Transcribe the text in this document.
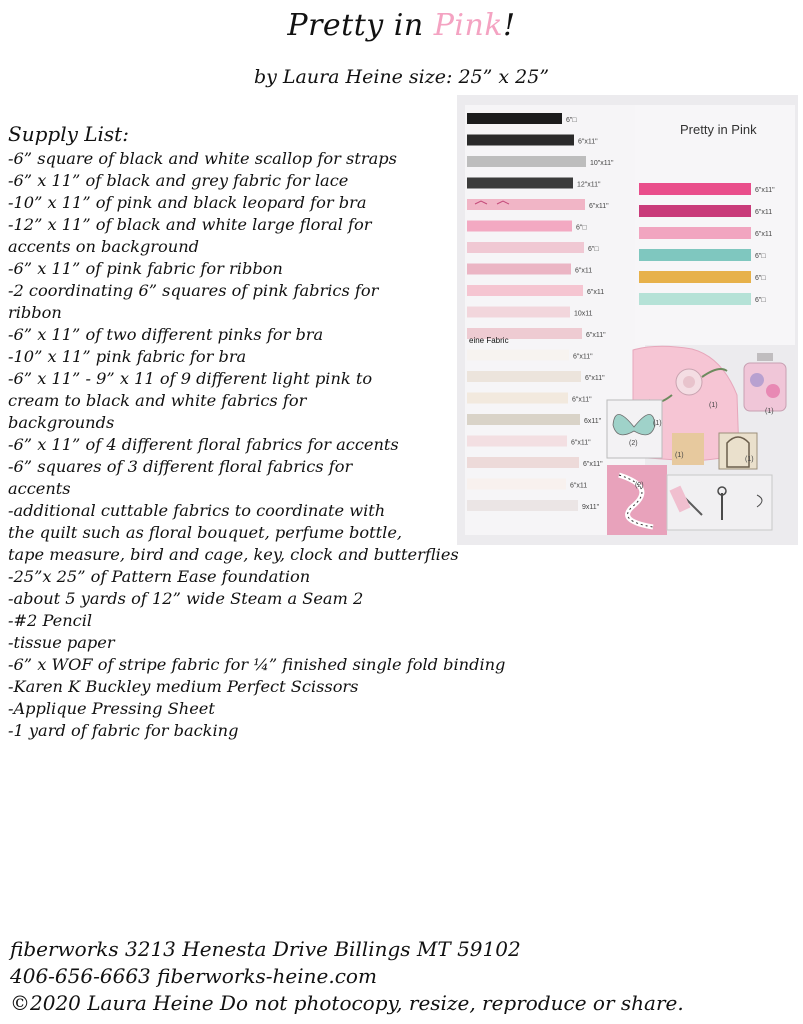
Pretty in Pink!
by Laura Heine size: 25” x 25”
Supply List:
-6” square of black and white scallop for straps
-6” x 11” of black and grey fabric for lace
-10” x 11” of pink and black leopard for bra
-12” x 11” of black and white large floral for
accents on background
-6” x 11” of pink fabric for ribbon
-2 coordinating 6” squares of pink fabrics for
ribbon
-6” x 11” of two different pinks for bra
-10” x 11” pink fabric for bra
-6” x 11” - 9” x 11 of 9 different light pink to
cream to black and white fabrics for
backgrounds
-6” x 11” of 4 different floral fabrics for accents
-6” squares of 3 different floral fabrics for
accents
-additional cuttable fabrics to coordinate with
the quilt such as floral bouquet, perfume bottle,
tape measure, bird and cage, key, clock and butterflies
-25”x 25” of Pattern Ease foundation
-about 5 yards of 12” wide Steam a Seam 2
-#2 Pencil
-tissue paper
-6” x WOF of stripe fabric for ¼” finished single fold binding
-Karen K Buckley medium Perfect Scissors
-Applique Pressing Sheet
-1 yard of fabric for backing
eine Fabric
6"□
6"x11"
10"x11"
12"x11"
6"x11"
6"□
6"□
6"x11
6"x11
10x11
6"x11"
6"x11"
6"x11"
6"x11"
6x11"
6"x11"
6"x11"
6"x11
9x11"
6"x11"
6"x11
6"x11
6"□
6"□
6"□
(1)
(1)
(1)
(2)
(1)
(1)
(2)
Pretty in Pink
fiberworks 3213 Henesta Drive Billings MT 59102
406-656-6663 fiberworks-heine.com
©2020 Laura Heine Do not photocopy, resize, reproduce or share.
